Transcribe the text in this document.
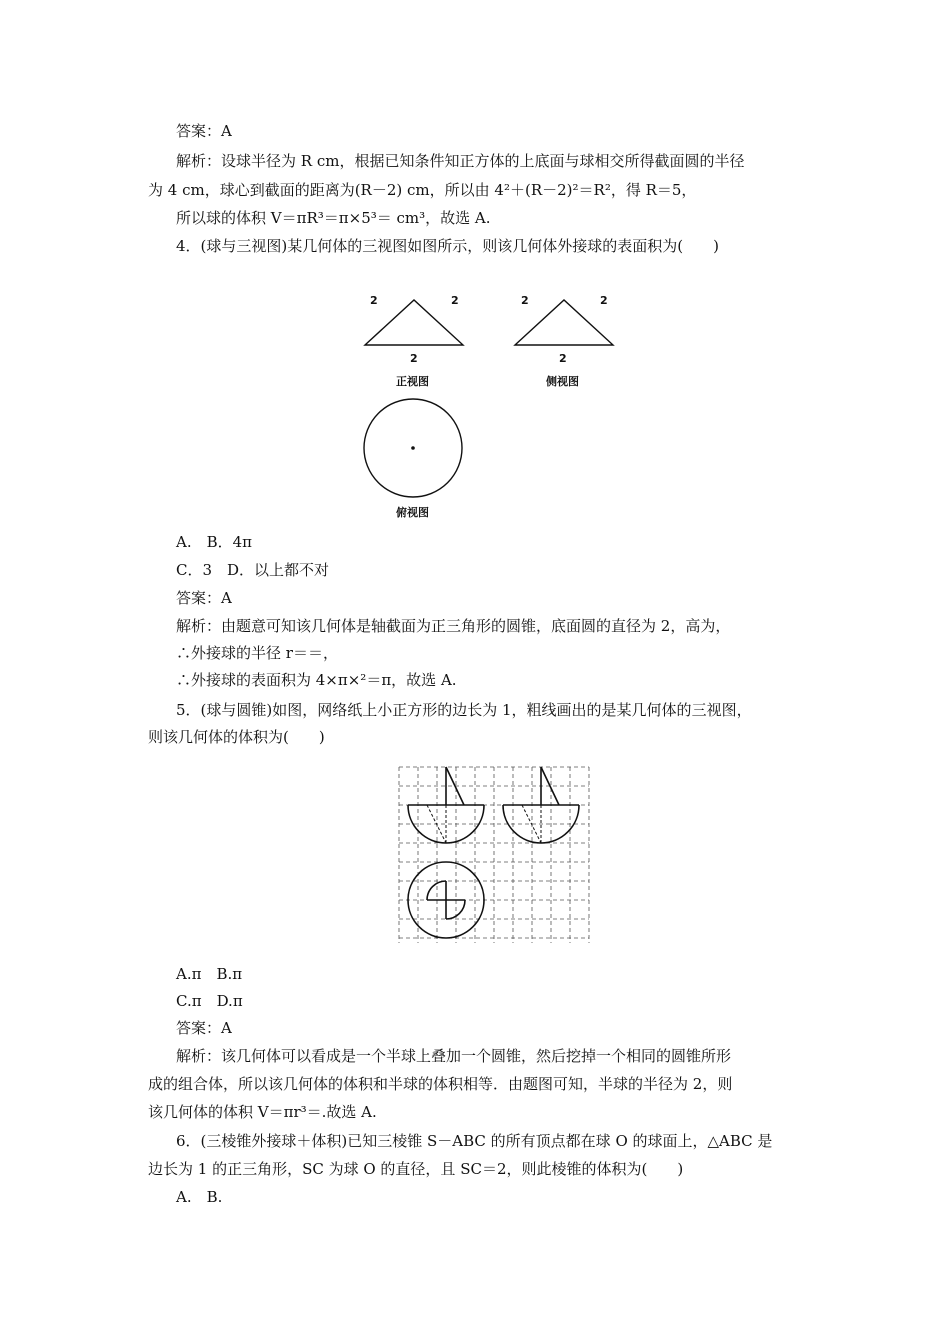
答案：A
解析：设球半径为 R cm，根据已知条件知正方体的上底面与球相交所得截面圆的半径
为 4 cm，球心到截面的距离为(R－2) cm，所以由 4²＋(R－2)²＝R²，得 R＝5，
所以球的体积 V＝πR³＝π×5³＝ cm³，故选 A.
4．(球与三视图)某几何体的三视图如图所示，则该几何体外接球的表面积为(　　)
2	2
2
正视图
2	2
2
侧视图
俯视图
A.　B．4π
C．3　D．以上都不对
答案：A
解析：由题意可知该几何体是轴截面为正三角形的圆锥，底面圆的直径为 2，高为，
∴外接球的半径 r＝＝，
∴外接球的表面积为 4×π×²＝π，故选 A.
5．(球与圆锥)如图，网络纸上小正方形的边长为 1，粗线画出的是某几何体的三视图，
则该几何体的体积为(　　)
A.π　B.π
C.π　D.π
答案：A
解析：该几何体可以看成是一个半球上叠加一个圆锥，然后挖掉一个相同的圆锥所形
成的组合体，所以该几何体的体积和半球的体积相等．由题图可知，半球的半径为 2，则
该几何体的体积 V＝πr³＝.故选 A.
6．(三棱锥外接球＋体积)已知三棱锥 S－ABC 的所有顶点都在球 O 的球面上，△ABC 是
边长为 1 的正三角形，SC 为球 O 的直径，且 SC＝2，则此棱锥的体积为(　　)
A.　B.
